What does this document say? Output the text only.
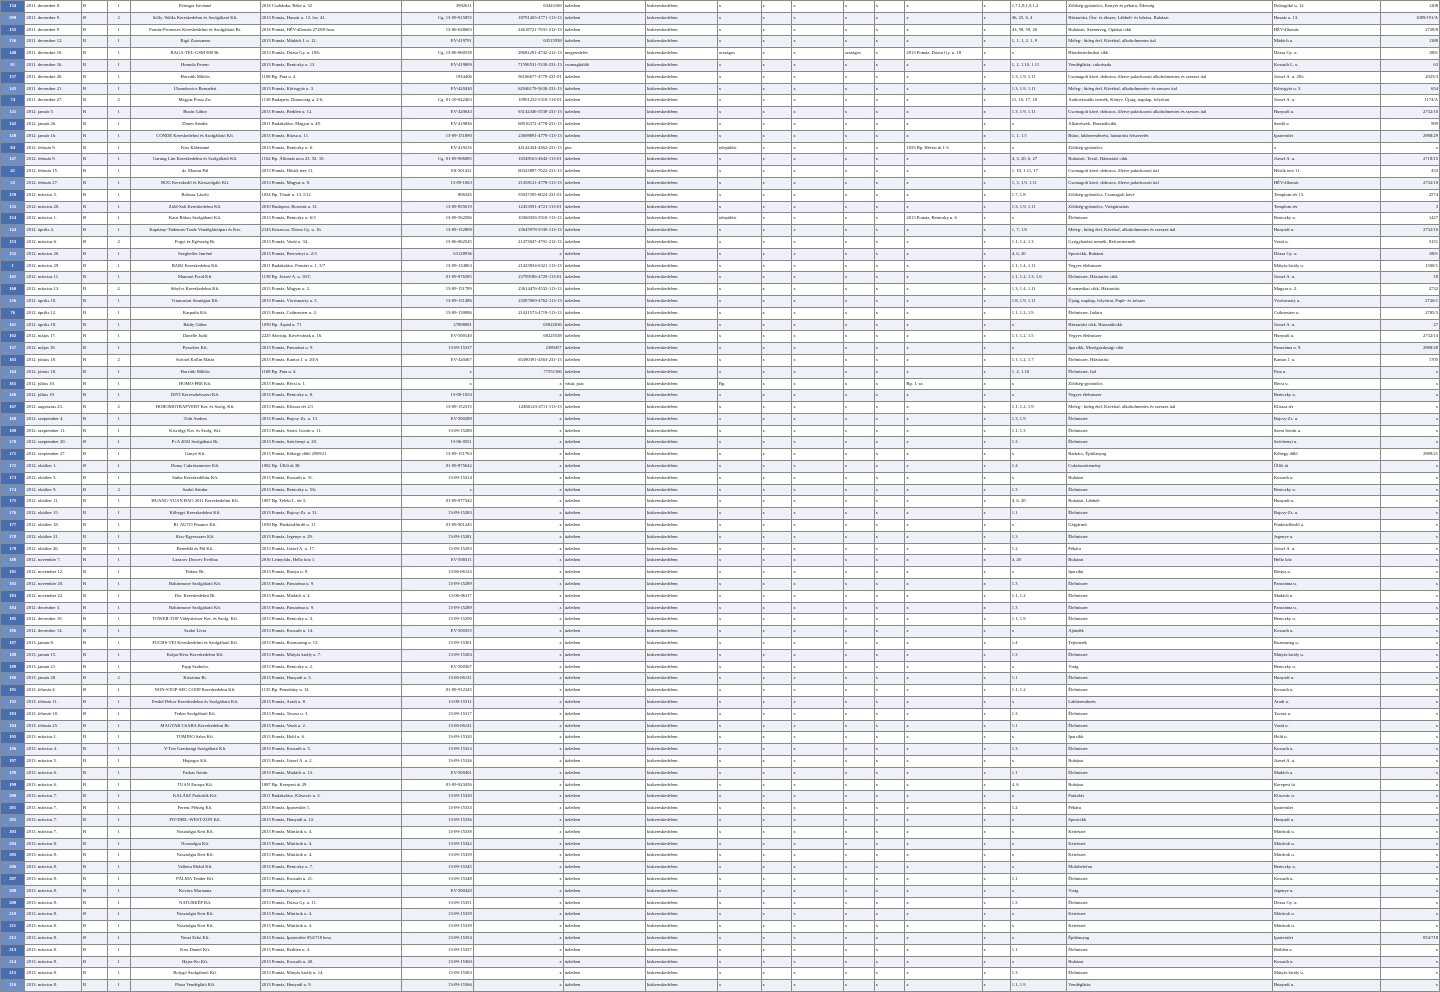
134	2011. december 8.	B	1	Peringer Istvánné	2014 Csobánka, Béke u. 32	3992611	63443169	üzletben	kiskereskedelem	x	x	x	x	x	x	x	1,7,1,8,1,9,1,2	Zöldség-gyümölcs, Kenyér és pékáru, Édesség	Dobogókő u. 12	1208
599	2011. december 9.	B	2	Sölly. Walks Kereskedelmi és Szolgáltató Kft.	2013 Pomáz, Huszár u. 13. fsz. 41.	Cg. 13-09-915855	18791265-4771-113-13	üzletben	kiskereskedelem	x	x	x	x	x	x	x	46, 25, 6, 4	Háztartási, Óra- és ékszer, Lábbeli- és bőráru, Ruházat	Huszár u. 13.	1089/191/A
135	2011. december 9.	B	1	Pomáz-Promotex Kereskedelmi és Szolgáltató Bt.	2014 Pomáz, HÉV-állomás 2728/8 hrsz.	13-06-028603	24618721-7031-212-13	üzletben	kiskereskedelem	x	x	x	x	x	x	x	43, 58, 59, 20	Ruházati, Szemüveg, Optikai cikk	HÉV-állomás	2728/8
136	2011. december 12.	B	1	Rigó Zsuzsanna	2013 Pomáz, Mádách I. u. 12.	EV-419791	63515938	üzletben	kiskereskedelem	x	x	x	x	x	x	x	1, 1, 1, 2, 1, 9	Meleg-, hideg étel, Kávéital, alkoholmentes ital	Mádách u.	1388
140	2011. december 16.	B	1	RAGA-TEL-GSM 900 Bt.	2013 Pomáz, Dózsa Gy. u. 18/b	Cg. 13-06-060538	28682291-4742-212-13	megrendelés	kiskereskedelem	országos	x	x	országos	x	2013 Pomáz, Dózsa Gy. u. 18	x	x	Híradástechnikai cikk	Dózsa Gy. u.	1801
91	2011. december 16.	B	1	Homola Ferenc	2013 Pomáz, Beniczky u. 13.	EV-419809	71596531-5330-231-13	csomagküldő	kiskereskedelem	x	x	x	x	x	x	x	1, 2, 1.10, 1.11	Vendéglátás, cukrászda	Kossuth L. u.	63
137	2011. december 20.	B	1	Horváth Miklós	1108 Bp. Pata u. 4.	1934406	56166677-4778-231-01	üzletben	kiskereskedelem	x	x	x	x	x	x	x	1.3, 1.9, 1.11	Csomagolt kávé, dobozos, illetve palackozott alkoholmentes és szeszes ital	József A. u. 20/c	2025/3
145	2011. december 21.	B	1	Ubrankovics Bernadett	2013 Pomáz, Kőrisgyár u. 3.	EV-420430	62946179-5630-231-13	üzletben	kiskereskedelem	x	x	x	x	x	x	x	1.3, 1.9, 1.11	Meleg-, hideg étel, Kávéital, alkoholmentes- és szeszes ital	Kőrisgyár u. 3.	654
74	2011. december 27.	B	2	Magyar Posta Zrt.	1138 Budapest, Dunavirág u. 2-6.	Cg. 01-10-042463	10901232-5310-114-01	üzletben	kiskereskedelem	x	x	x	x	x	x	x	11, 16, 17, 18	Audiovizuális termék, Könyv, Újság, napilap, folyóirat	József A. u.	1174/A
141	2012. január 5.	B	1	Buzás Gábor	2013 Pomáz, Bethlen u. 12.	EV-420643	63142446-5530-231-13	üzletben	kiskereskedelem	x	x	x	x	x	x	x	1.3, 1.9, 1.11	Csomagolt kávé, dobozos, illetve palackozott alkoholmentes és szeszes ital	Hunyadi u.	2732/10
142	2012. január 26.	B	1	Danes Sándor	2011 Budakalász, Magyar u. 48.	EV-419836	68916372-4778-231-13	üzletben	kiskereskedelem	x	x	x	x	x	x	x	x	Alkatrészek, Használtcikk	Szedő u.	999
149	2012. január 16.	B	1	CONDE Kereskedelmi és Szolgáltató Kft.	2013 Pomáz, Rózsa u. 11.	13-09-151890	23698891-4779-113-13	üzletben	kiskereskedelem	x	x	x	x	x	x	x	1, 1, 1.5	Bútor, lakberendezési, háztartási felszerelés	Iparterület	2988/29
84	2012. február 9.	B	1	Kiss Kálmánné	2013 Pomáz, Beniczky u. 6.	EV-419216	44142454-4362-231-13	piac	kiskereskedelem	települési	x	x	x	x	1033 Bp. Hévízi út 1-3	x	x	Zöldség-gyümölcs	x	x
147	2012. február 9.	B	1	Garung Lim Kereskedelmi és Szolgáltató Kft.	1162 Bp. Állomás utca 23. XI. 10.	Cg. 01-09-906085	16548163-4642-113-01	üzletben	kiskereskedelem	x	x	x	x	x	x	x	4, 3, 20, 6, 27	Ruházati, Textil, Háztartási cikk	József A. u.	2718/15
41	2012. február 15.	B	1	dr. Mazsai Pál	2013 Pomáz, Hősök tere 11.	ES-501421	60323887-7022-231-13	üzletben	kiskereskedelem	x	x	x	x	x	x	x	1, 10, 1.11, 17	Csomagolt kávé, dobozos, illetve palackozott ital	Hősök tere 11.	433
22	2012. február 27.	B	1	BOG Kereskedő és Közszolgáló Kft.	2013 Pomáz, Magyar u. 8.	13-09-1063	21458121-4778-113-13	üzletben	kiskereskedelem	x	x	x	x	x	x	x	1, 3, 1.9, 1.11	Csomagolt kávé, dobozos, illetve palackozott ital	HÉV-állomás	2732/10
159	2012. március 5.	B	1	Balassa László	1034 Bp. Tímár u. 13. I/12	806345	55027395-6024-231-01	üzletben	kiskereskedelem	x	x	x	x	x	x	x	1.7, 1.8	Zöldség-gyümölcs, Csomagolt kávé	Templom tér 13.	2574
155	2012. március 20.	B	1	Zöld-Sali Kereskedelmi Kft.	2010 Budapest, Boronás u. 31.	13-09-855619	12453591-4721-113-01	üzletben	kiskereskedelem	x	x	x	x	x	x	x	1.3, 1.9, 1.11	Zöldség-gyümölcs, Virágárusítás	Templom tér	3
154	2012. március 1.	B	1	Kaus Rákos Szolgáltató Kft.	2013 Pomáz, Beniczky u. 6/3	13-09-562586	10360356-5510-113-13	üzletben	kiskereskedelem	települési	x	x	x	x	2013 Pomáz, Beniczky u. 6	x	x	Élelmiszer	Beniczky u.	1427
144	2012. április 4.	B	1	Kapitány-Tüdemus-Trade Vendéglátóipari és Ker.	2143 Kistarcsa, Dózsa Gy. u. 16.	13-09-152808	23645978-5530-113-13	üzletben	kiskereskedelem	x	x	x	x	x	x	x	1, 7, 1.8	Meleg-, hideg étel, Kávéital, alkoholmentes és szeszes ital	Hunyadi u.	2732/10
153	2012. március 6.	B	2	Fogyi és Egészség Bt.	2013 Pomáz, Vasút u. 34.	13-06-062545	21473847-4791-212-13	üzletben	kiskereskedelem	x	x	x	x	x	x	x	1.1, 1.2, 1.3	Gyógyhatású termék, Reformtermék	Vasút u.	3151
152	2012. március 20.	B	1	Szegheffer Imréné	2013 Pomáz, Bercsényi u. 2/3	63128936	x	üzletben	kiskereskedelem	x	x	x	x	x	x	x	4, 6, 20	Sportcikk, Ruházat	Dózsa Gy. u.	1801
1	2012. március 29.	B	1	BAB2 Kereskedelmi Kft.	2011 Budakalász, Pomázi u. 1. 3/7	13-09-134863	21425834-6321-113-13	üzletben	kiskereskedelem	x	x	x	x	x	x	x	1.1, 1.4, 1.11	Vegyes élelmiszer	Mátyás király u.	1500/1
102	2012. március 11.	B	1	Mamutó Food Kft.	1158 Bp. József A. u. 18/C	01-09-976585	23799186-4729-113-01	üzletben	kiskereskedelem	x	x	x	x	x	x	x	1.1, 1.2, 1.3, 1.6	Élelmiszer, Háztartási cikk	József A. u.	18
160	2012. március 13.	B	2	Sibylvs Kereskedelmi Kft.	2013 Pomáz, Magyar u. 2.	13-09-151789	23614476-4532-113-13	üzletben	kiskereskedelem	x	x	x	x	x	x	x	1.3, 1.4, 1.11	Kozmetikai cikk, Háztartási	Magyar u. 2.	2732
156	2012. április 10.	B	1	Trianustrat Stratégiai Kft.	2013 Pomáz, Vörösmarty u. 5.	13-09-151486	23587069-4762-113-13	üzletben	kiskereskedelem	x	x	x	x	x	x	x	1.8, 1.9, 1.11	Újság, napilap, folyóirat, Papír- és írószer	Vörösmarty u.	2726/1
76	2012. április 12.	B	1	Karpathi Kft.	2013 Pomáz, Csilmesterr u. 2.	13-09-150986	21421573-4719-113-13	üzletben	kiskereskedelem	x	x	x	x	x	x	x	1.1, 1.2, 1.9	Élelmiszer, Italáru	Csilmesterr u.	2705/3
161	2012. április 18.	B	1	Rádiy Gábor	1039 Bp. Árpád u. 71	27898881	65822636	üzletben	kiskereskedelem	x	x	x	x	x	x	x	x	Háztartási cikk, Használtcikk	József A. u.	27
162	2012. május 17.	B	1	Danelle Judit	2225 Sárrisip, Kövérvának u. 16.	EV-500140	68225538	üzletben	kiskereskedelem	x	x	x	x	x	x	x	1.1, 1.2, 1.5	Vegyes élelmiszer	Hunyadi u.	2732/14
157	2012. május 18.	B	1	Pozsebes Kft.	2013 Pomáz, Panorámi u. 9.	13-09-15337	2389457	üzletben	kiskereskedelem	x	x	x	x	x	x	x	x	Iparcikk, Mezőgazdasági cikk	Panoráma u. 9.	2988/28
163	2012. június 18.	B	2	Sofotel Kollin Márta	2013 Pomáz, Kantor J. u. 20/A	EV-420467	65490391-4363-231-13	üzletben	kiskereskedelem	x	x	x	x	x	x	x	1.1, 1.2, 1.7	Élelmiszer, Háztartási	Kantor J. u.	1705
164	2012. június 18.	B	1	Horváth Miklós	1108 Bp. Pata u. 4.	x	77551166	üzletben	kiskereskedelem	x	x	x	x	x	x	x	1, 2, 1.10	Élelmiszer, Ital	Pata u.	x
165	2012. július 10.	B	1	HOMO-PRE Kft.	2013 Pomáz, Bécsi u. 1.	x	x	vásár, piac	kiskereskedelem	Bp.	x	x	x	x	Bp. 1. sz.	x	x	Zöldség-gyümölcs	Bécsi u.	x
166	2012. július 19.	B	1	DIVI Kerreszkésszeri Kft.	2013 Pomáz, Beniczky u. 8.	13-09-1054	x	üzletben	kiskereskedelem	x	x	x	x	x	x	x	x	Vegyes élelmiszer	Beniczky u.	x
167	2012. augusztus 23.	B	2	HOROMOTRAPVERT Ker. és Szolg. Kft.	2013 Pomáz, Klissza tér 2/1	13-09-152315	12466123-4711-113-13	üzletben	kiskereskedelem	x	x	x	x	x	x	x	1.1, 1.2, 1.9	Meleg-, hideg étel, Kávéital, alkoholmentes és szeszes ital	Klissza tér	x
168	2012. szeptember 4.	B	1	Tóth Andrea	2013 Pomáz, Bajcsy-Zs. u. 13.	EV-500288	x	üzletben	kiskereskedelem	x	x	x	x	x	x	x	1.3, 1.9	Élelmiszer	Bajcsy-Zs. u.	x
169	2012. szeptember 11.	B	1	Kisvölgy Ker. és Szolg. Kft.	2013 Pomáz, Szent. István u. 11.	13-09-15280	x	üzletben	kiskereskedelem	x	x	x	x	x	x	x	1.1, 1.3	Élelmiszer	Szent István u.	x
170	2012. szeptember 20.	B	1	P+A 2002 Szolgáltató Bt.	2013 Pomáz, Széchenyi u. 20.	13-06-0551	x	üzletben	kiskereskedelem	x	x	x	x	x	x	x	1.3	Élelmiszer	Széchenyi u.	x
171	2012. szeptember 27.	B	1	Ganyó Kft.	2013 Pomáz, Kőbegy dűlő 2989/21	13-09-151763	x	üzletben	kiskereskedelem	x	x	x	x	x	x	x	x	Barkács, Építőanyag	Kőbegy dűlő	2989/21
172	2012. október 1.	B	1	Dumy Cukrászmester Kft.	1082 Bp. Üllői út 38.	01-09-875642	x	üzletben	kiskereskedelem	x	x	x	x	x	x	x	1.4	Cukrászsütemény	Üllői út	x
173	2012. október 3.	B	1	Sinka Kereskedőház Kft.	2013 Pomáz, Kossuth u. 31.	13-09-15314	x	üzletben	kiskereskedelem	x	x	x	x	x	x	x	x	Ruházat	Kossuth u.	x
174	2012. október 9.	B	2	Szabó Sándor	2013 Pomáz, Beniczky u. 5/b	x	x	üzletben	kiskereskedelem	x	x	x	x	x	x	x	1.3	Élelmiszer	Beniczky u.	x
175	2012. október 11.	B	1	HUANG-YUAN BAO 2011 Kereskedelmi Kft.	1087 Bp. Teleki L. tér 5.	01-09-977342	x	üzletben	kiskereskedelem	x	x	x	x	x	x	x	4, 6, 20	Ruházat, Lábbeli	Hunyadi u.	x
176	2012. október 15.	B	1	Kőhegyi Kereskedelmi Kft.	2013 Pomáz, Bajcsy-Zs. u. 31.	13-09-15283	x	üzletben	kiskereskedelem	x	x	x	x	x	x	x	1.1	Élelmiszer	Bajcsy-Zs. u.	x
177	2012. október 18.	B	1	R1 AUTO Finance Kft.	1039 Bp. Pünkösdfürdő u. 11	01-09-901245	x	üzletben	kiskereskedelem	x	x	x	x	x	x	x	x	Gépjármű	Pünkösdfürdő u.	x
178	2012. október 21.	B	1	Kiss-Egyessszer Kft.	2013 Pomáz, Jegenye u. 29.	13-09-15281	x	üzletben	kiskereskedelem	x	x	x	x	x	x	x	1.3	Élelmiszer	Jegenye u.	x
179	2012. október 26.	B	1	Benedikt és Pál Kft.	2013 Pomáz, József A. u. 17.	13-09-15293	x	üzletben	kiskereskedelem	x	x	x	x	x	x	x	1.2	Pékáru	József A. u.	x
180	2012. november 7.	B	1	Lazarov Deocev Evelina	2016 Leányfalu, Hello köz 1.	EV-500311	x	üzletben	kiskereskedelem	x	x	x	x	x	x	x	4, 20	Ruházat	Hello köz	x
181	2012. november 12.	B	1	Fuktor Bt.	2013 Pomáz, Bástya u. 9.	13-06-06123	x	üzletben	kiskereskedelem	x	x	x	x	x	x	x	x	Iparcikk	Bástya u.	x
182	2012. november 20.	B	1	Baltimmore Szolgáltató Kft.	2013 Pomáz, Panoráma u. 9.	13-09-15289	x	üzletben	kiskereskedelem	x	x	x	x	x	x	x	1.3	Élelmiszer	Panoráma u.	x
183	2012. november 22.	B	1	Doc Kereskedelmi Bt.	2013 Pomáz, Madách u. 4.	13-06-06117	x	üzletben	kiskereskedelem	x	x	x	x	x	x	x	1.1, 1.2	Élelmiszer	Madách u.	x
184	2012. december 3.	B	1	Baltimmore Szolgáltató Kft.	2013 Pomáz, Panoráma u. 9.	13-09-15289	x	üzletben	kiskereskedelem	x	x	x	x	x	x	x	1.3	Élelmiszer	Panoráma u.	x
185	2012. december 10.	B	1	TOWER-TOP Vidéptiveser Ker. és Szolg. Kft.	2013 Pomáz, Beniczky u. 4.	13-09-15290	x	üzletben	kiskereskedelem	x	x	x	x	x	x	x	1.1, 1.9	Élelmiszer	Beniczky u.	x
186	2012. december 14.	B	1	Szabó Lívia	2013 Pomáz, Kossuth u. 14.	EV-500355	x	üzletben	kiskereskedelem	x	x	x	x	x	x	x	x	Ajándék	Kossuth u.	x
187	2013. január 8.	B	1	FUCHS-TEJ Kereskedelmi és Szolgáltató Kft.	2013 Pomáz, Rozmaring u. 13.	13-09-15301	x	üzletben	kiskereskedelem	x	x	x	x	x	x	x	1.4	Tejtermék	Rozmaring u.	x
188	2013. január 15.	B	1	Kolpa-Kész Kereskedelmi Kft.	2013 Pomáz, Mátyás király u. 7.	13-09-15304	x	üzletben	kiskereskedelem	x	x	x	x	x	x	x	1.3	Élelmiszer	Mátyás király u.	x
189	2013. január 21.	B	1	Papp Szabolcs	2013 Pomáz, Beniczky u. 2.	EV-500367	x	üzletben	kiskereskedelem	x	x	x	x	x	x	x	x	Virág	Beniczky u.	x
190	2013. január 28.	B	2	Krisztina Bt.	2013 Pomáz, Hunyadi u. 3.	13-06-06131	x	üzletben	kiskereskedelem	x	x	x	x	x	x	x	1.1	Élelmiszer	Hunyadi u.	x
191	2013. február 4.	B	1	NON-STOP-SEC COOP Kereskedelmi Kft.	1135 Bp. Petneházy u. 14	01-09-912345	x	üzletben	kiskereskedelem	x	x	x	x	x	x	x	1.1, 1.2	Élelmiszer	Kossuth u.	x
192	2013. február 11.	B	1	Fenkő-Dekor Kereskedelmi és Szolgáltató Kft.	2013 Pomáz, Aradi u. 8.	13-09-15311	x	üzletben	kiskereskedelem	x	x	x	x	x	x	x	x	Lakberendezés	Aradi u.	x
193	2013. február 18.	B	1	Tedon Szolgáltató Kft.	2013 Pomáz, Tavasz u. 3.	13-09-15317	x	üzletben	kiskereskedelem	x	x	x	x	x	x	x	1.3	Élelmiszer	Tavasz u.	x
194	2013. február 25.	B	1	MAGYAR CSABA Kereskedelmi Bt.	2013 Pomáz, Vasút u. 2.	13-06-06141	x	üzletben	kiskereskedelem	x	x	x	x	x	x	x	1.1	Élelmiszer	Vasút u.	x
195	2013. március 1.	B	1	TOMINO Sales Kft.	2013 Pomáz, Hold u. 6.	13-09-15320	x	üzletben	kiskereskedelem	x	x	x	x	x	x	x	x	Iparcikk	Hold u.	x
196	2013. március 4.	B	1	Y-Trio Gazdasági Szolgáltató Kft.	2013 Pomáz, Kossuth u. 5.	13-09-15323	x	üzletben	kiskereskedelem	x	x	x	x	x	x	x	1.3	Élelmiszer	Kossuth u.	x
197	2013. március 5.	B	1	Hupogor Kft.	2013 Pomáz, József A. u. 2.	13-09-15326	x	üzletben	kiskereskedelem	x	x	x	x	x	x	x	x	Ruházat	József A. u.	x
198	2013. március 6.	B	1	Farkas István	2013 Pomáz, Madách u. 14.	EV-500401	x	üzletben	kiskereskedelem	x	x	x	x	x	x	x	1.1	Élelmiszer	Madách u.	x
199	2013. március 6.	B	1	TUAN Europa Kft.	1087 Bp. Kerepesi út 29	01-09-923456	x	üzletben	kiskereskedelem	x	x	x	x	x	x	x	4, 6	Ruházat	Kerepesi út	x
200	2013. március 7.	B	1	KALÁSZ Parkolók Kft.	2011 Budakalász, Klisovác u. 3.	13-09-15330	x	üzletben	kiskereskedelem	x	x	x	x	x	x	x	x	Parkolás	Klisovác u.	x
201	2013. március 7.	B	1	Ferenc Pékség Kft.	2013 Pomáz, Iparterület 1.	13-09-15333	x	üzletben	kiskereskedelem	x	x	x	x	x	x	x	1.2	Pékáru	Iparterület	x
202	2013. március 7.	B	1	FIT-DIEL-WEST-ZON Kft.	2013 Pomáz, Hunyadi u. 14.	13-09-15336	x	üzletben	kiskereskedelem	x	x	x	x	x	x	x	x	Sportcikk	Hunyadi u.	x
203	2013. március 7.	B	1	Nosztalgia Kert Kft.	2013 Pomáz, Mártírok u. 4.	13-09-15339	x	üzletben	kiskereskedelem	x	x	x	x	x	x	x	x	Kertészet	Mártírok u.	x
204	2013. március 8.	B	1	Nosztalgia Kft.	2013 Pomáz, Mártírok u. 4.	13-09-15342	x	üzletben	kiskereskedelem	x	x	x	x	x	x	x	x	Kertészet	Mártírok u.	x
205	2013. március 8.	B	1	Nosztalgia Kert Kft.	2013 Pomáz, Mártírok u. 4.	13-09-15339	x	üzletben	kiskereskedelem	x	x	x	x	x	x	x	x	Kertészet	Mártírok u.	x
206	2013. március 8.	B	1	Valletta Mobil Kft.	2013 Pomáz, Beniczky u. 7.	13-09-15345	x	üzletben	kiskereskedelem	x	x	x	x	x	x	x	x	Mobiltelefon	Beniczky u.	x
207	2013. március 8.	B	1	PÁLMA Tender Kft.	2013 Pomáz, Kossuth u. 21.	13-09-15348	x	üzletben	kiskereskedelem	x	x	x	x	x	x	x	1.1	Élelmiszer	Kossuth u.	x
208	2013. március 8.	B	1	Kovács Marianna	2013 Pomáz, Jegenye u. 2.	EV-500420	x	üzletben	kiskereskedelem	x	x	x	x	x	x	x	x	Virág	Jegenye u.	x
209	2013. március 8.	B	1	NATURKÉP Kft.	2013 Pomáz, Dózsa Gy. u. 11.	13-09-15351	x	üzletben	kiskereskedelem	x	x	x	x	x	x	x	1.3	Élelmiszer	Dózsa Gy. u.	x
210	2013. március 8.	B	1	Nosztalgia Kert Kft.	2013 Pomáz, Mártírok u. 4.	13-09-15339	x	üzletben	kiskereskedelem	x	x	x	x	x	x	x	x	Kertészet	Mártírok u.	x
211	2013. március 8.	B	1	Nosztalgia Kert Kft.	2013 Pomáz, Mártírok u. 4.	13-09-15339	x	üzletben	kiskereskedelem	x	x	x	x	x	x	x	x	Kertészet	Mártírok u.	x
212	2013. március 8.	B	1	Neszt Erkó Kft.	2013 Pomáz, Iparterület 054/718 hrsz.	13-09-15354	x	üzletben	kiskereskedelem	x	x	x	x	x	x	x	x	Építőanyag	Iparterület	054/718
213	2013. március 8.	B	1	Kiss Daniel Kft.	2013 Pomáz, Bethlen u. 4.	13-09-15357	x	üzletben	kiskereskedelem	x	x	x	x	x	x	x	1.1	Élelmiszer	Bethlen u.	x
214	2013. március 8.	B	1	Hajsz-Ko Kft.	2013 Pomáz, Kossuth u. 40.	13-09-15360	x	üzletben	kiskereskedelem	x	x	x	x	x	x	x	x	Ruházat	Kossuth u.	x
215	2013. március 8.	B	1	Bolygó Szolgáltató Kft.	2013 Pomáz, Mátyás király u. 14.	13-09-15363	x	üzletben	kiskereskedelem	x	x	x	x	x	x	x	1.3	Élelmiszer	Mátyás király u.	x
216	2013. március 8.	B	1	Plaza Vendéglátó Kft.	2013 Pomáz, Hunyadi u. 9.	13-09-15366	x	üzletben	kiskereskedelem	x	x	x	x	x	x	x	1.1, 1.9	Vendéglátás	Hunyadi u.	x
